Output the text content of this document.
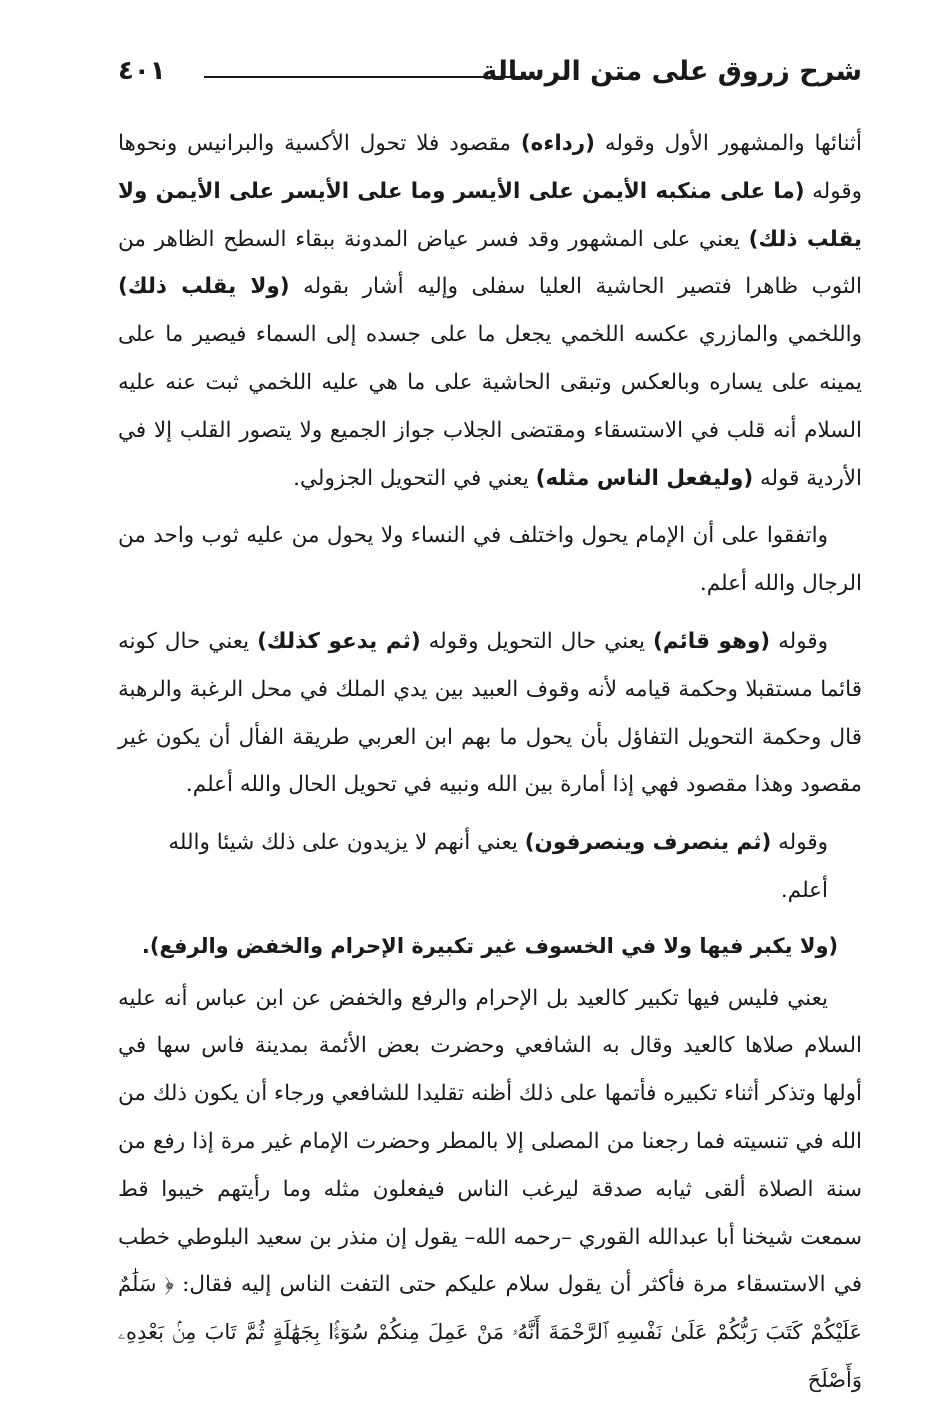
شرح زروق على متن الرسالة
٤٠١

أثنائها والمشهور الأول وقوله (رداءه) مقصود فلا تحول الأكسية والبرانيس ونحوها وقوله (ما على منكبه الأيمن على الأيسر وما على الأيسر على الأيمن ولا يقلب ذلك) يعني على المشهور وقد فسر عياض المدونة ببقاء السطح الظاهر من الثوب ظاهرا فتصير الحاشية العليا سفلى وإليه أشار بقوله (ولا يقلب ذلك) واللخمي والمازري عكسه اللخمي يجعل ما على جسده إلى السماء فيصير ما على يمينه على يساره وبالعكس وتبقى الحاشية على ما هي عليه اللخمي ثبت عنه عليه السلام أنه قلب في الاستسقاء ومقتضى الجلاب جواز الجميع ولا يتصور القلب إلا في الأردية قوله (وليفعل الناس مثله) يعني في التحويل الجزولي.

واتفقوا على أن الإمام يحول واختلف في النساء ولا يحول من عليه ثوب واحد من الرجال والله أعلم.

وقوله (وهو قائم) يعني حال التحويل وقوله (ثم يدعو كذلك) يعني حال كونه قائما مستقبلا وحكمة قيامه لأنه وقوف العبيد بين يدي الملك في محل الرغبة والرهبة قال وحكمة التحويل التفاؤل بأن يحول ما بهم ابن العربي طريقة الفأل أن يكون غير مقصود وهذا مقصود فهي إذا أمارة بين الله ونبيه في تحويل الحال والله أعلم.

وقوله (ثم ينصرف وينصرفون) يعني أنهم لا يزيدون على ذلك شيئا والله
أعلم.

(ولا يكبر فيها ولا في الخسوف غير تكبيرة الإحرام والخفض والرفع).

يعني فليس فيها تكبير كالعيد بل الإحرام والرفع والخفض عن ابن عباس أنه عليه السلام صلاها كالعيد وقال به الشافعي وحضرت بعض الأئمة بمدينة فاس سها في أولها وتذكر أثناء تكبيره فأتمها على ذلك أظنه تقليدا للشافعي ورجاء أن يكون ذلك من الله في تنسيته فما رجعنا من المصلى إلا بالمطر وحضرت الإمام غير مرة إذا رفع من سنة الصلاة ألقى ثيابه صدقة ليرغب الناس فيفعلون مثله وما رأيتهم خيبوا قط سمعت شيخنا أبا عبدالله القوري –رحمه الله– يقول إن منذر بن سعيد البلوطي خطب في الاستسقاء مرة فأكثر أن يقول سلام عليكم حتى التفت الناس إليه فقال: ﴿ سَلَٰمٌ عَلَيْكُمْ كَتَبَ رَبُّكُمْ عَلَىٰ نَفْسِهِ ٱلرَّحْمَةَ أَنَّهُۥ مَنْ عَمِلَ مِنكُمْ سُوٓءًۢا بِجَهَٰلَةٍ ثُمَّ تَابَ مِنۢ بَعْدِهِۦ وَأَصْلَحَ
